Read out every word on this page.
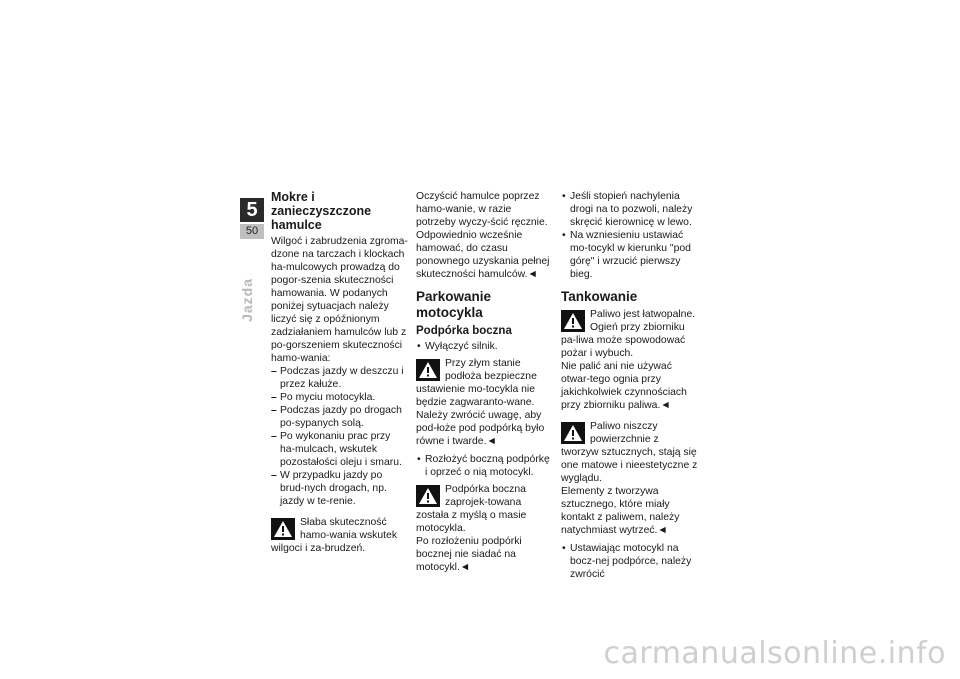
5
50
Jazda
Mokre i zanieczyszczone hamulce

Wilgoć i zabrudzenia zgroma-dzone na tarczach i klockach ha-mulcowych prowadzą do pogor-szenia skuteczności hamowania. W podanych poniżej sytuacjach należy liczyć się z opóźnionym zadziałaniem hamulców lub z po-gorszeniem skuteczności hamo-wania:

– Podczas jazdy w deszczu i przez kałuże.
– Po myciu motocykla.
– Podczas jazdy po drogach po-sypanych solą.
– Po wykonaniu prac przy ha-mulcach, wskutek pozostałości oleju i smaru.
– W przypadku jazdy po brud-nych drogach, np. jazdy w te-renie.

Słaba skuteczność hamo-wania wskutek wilgoci i za-brudzeń.

Oczyścić hamulce poprzez hamo-wanie, w razie potrzeby wyczy-ścić ręcznie.

Odpowiednio wcześnie hamować, do czasu ponownego uzyskania pełnej skuteczności hamulców.◄

Parkowanie motocykla
Podpórka boczna
• Wyłączyć silnik.

Przy złym stanie podłoża bezpieczne ustawienie mo-tocykla nie będzie zagwaranto-wane.

Należy zwrócić uwagę, aby pod-łoże pod podpórką było równe i twarde.◄

• Rozłożyć boczną podpórkę i oprzeć o nią motocykl.

Podpórka boczna zaprojek-towana została z myślą o masie motocykla.

Po rozłożeniu podpórki bocznej nie siadać na motocykl.◄

• Jeśli stopień nachylenia drogi na to pozwoli, należy skręcić kierownicę w lewo.
• Na wzniesieniu ustawiać mo-tocykl w kierunku "pod górę" i wrzucić pierwszy bieg.
Tankowanie

Paliwo jest łatwopalne. Ogień przy zbiorniku pa-liwa może spowodować pożar i wybuch.

Nie palić ani nie używać otwar-tego ognia przy jakichkolwiek czynnościach przy zbiorniku paliwa.◄

Paliwo niszczy powierzchnie z tworzyw sztucznych, stają się one matowe i nieestetyczne z wyglądu.

Elementy z tworzywa sztucznego, które miały kontakt z paliwem, należy natychmiast wytrzeć.◄

• Ustawiając motocykl na bocz-nej podpórce, należy zwrócić
carmanualsonline.info
